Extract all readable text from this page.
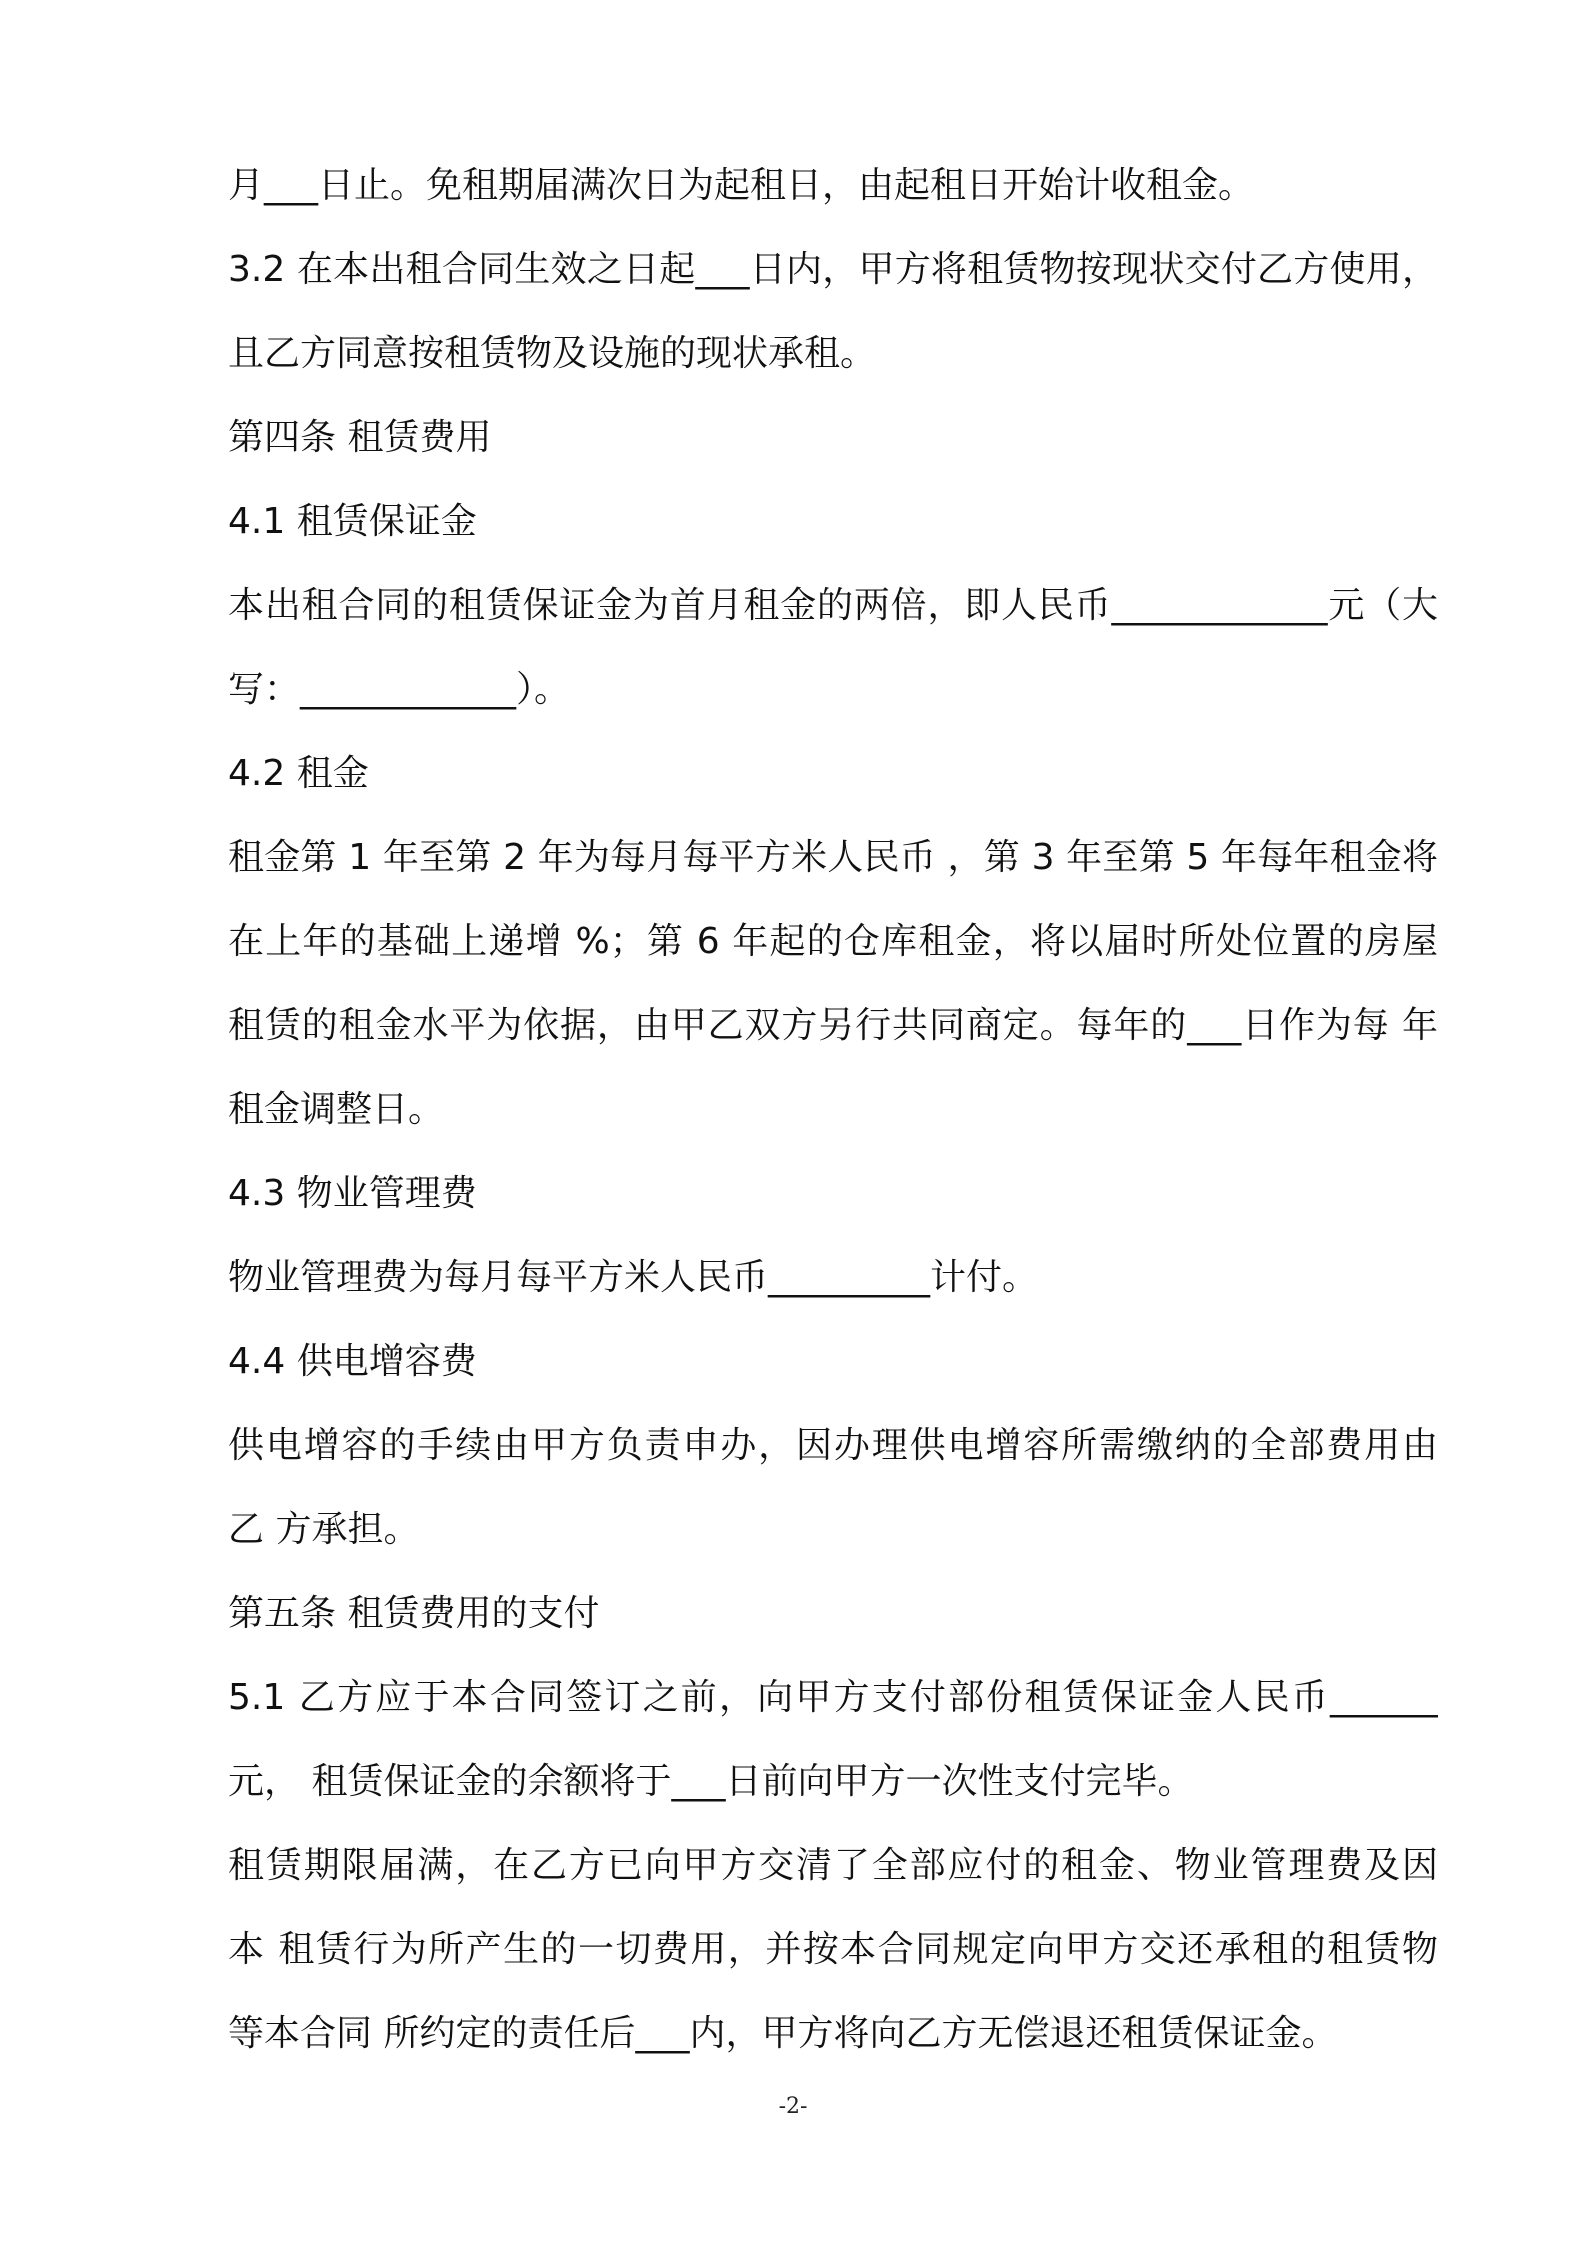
月___日止。免租期届满次日为起租日，由起租日开始计收租金。
3.2 在本出租合同生效之日起___日内，甲方将租赁物按现状交付乙方使用，
且乙方同意按租赁物及设施的现状承租。
第四条 租赁费用
4.1 租赁保证金
本出租合同的租赁保证金为首月租金的两倍，即人民币____________元（大
写：____________）。
4.2 租金
租金第 1 年至第 2 年为每月每平方米人民币 ，第 3 年至第 5 年每年租金将
在上年的基础上递增 %；第 6 年起的仓库租金，将以届时所处位置的房屋
租赁的租金水平为依据，由甲乙双方另行共同商定。每年的___日作为每 年
租金调整日。
4.3 物业管理费
物业管理费为每月每平方米人民币_________计付。
4.4 供电增容费
供电增容的手续由甲方负责申办，因办理供电增容所需缴纳的全部费用由
乙 方承担。
第五条 租赁费用的支付
5.1 乙方应于本合同签订之前，向甲方支付部份租赁保证金人民币______
元， 租赁保证金的余额将于___日前向甲方一次性支付完毕。
租赁期限届满，在乙方已向甲方交清了全部应付的租金、物业管理费及因
本 租赁行为所产生的一切费用，并按本合同规定向甲方交还承租的租赁物
等本合同 所约定的责任后___内，甲方将向乙方无偿退还租赁保证金。
-2-
